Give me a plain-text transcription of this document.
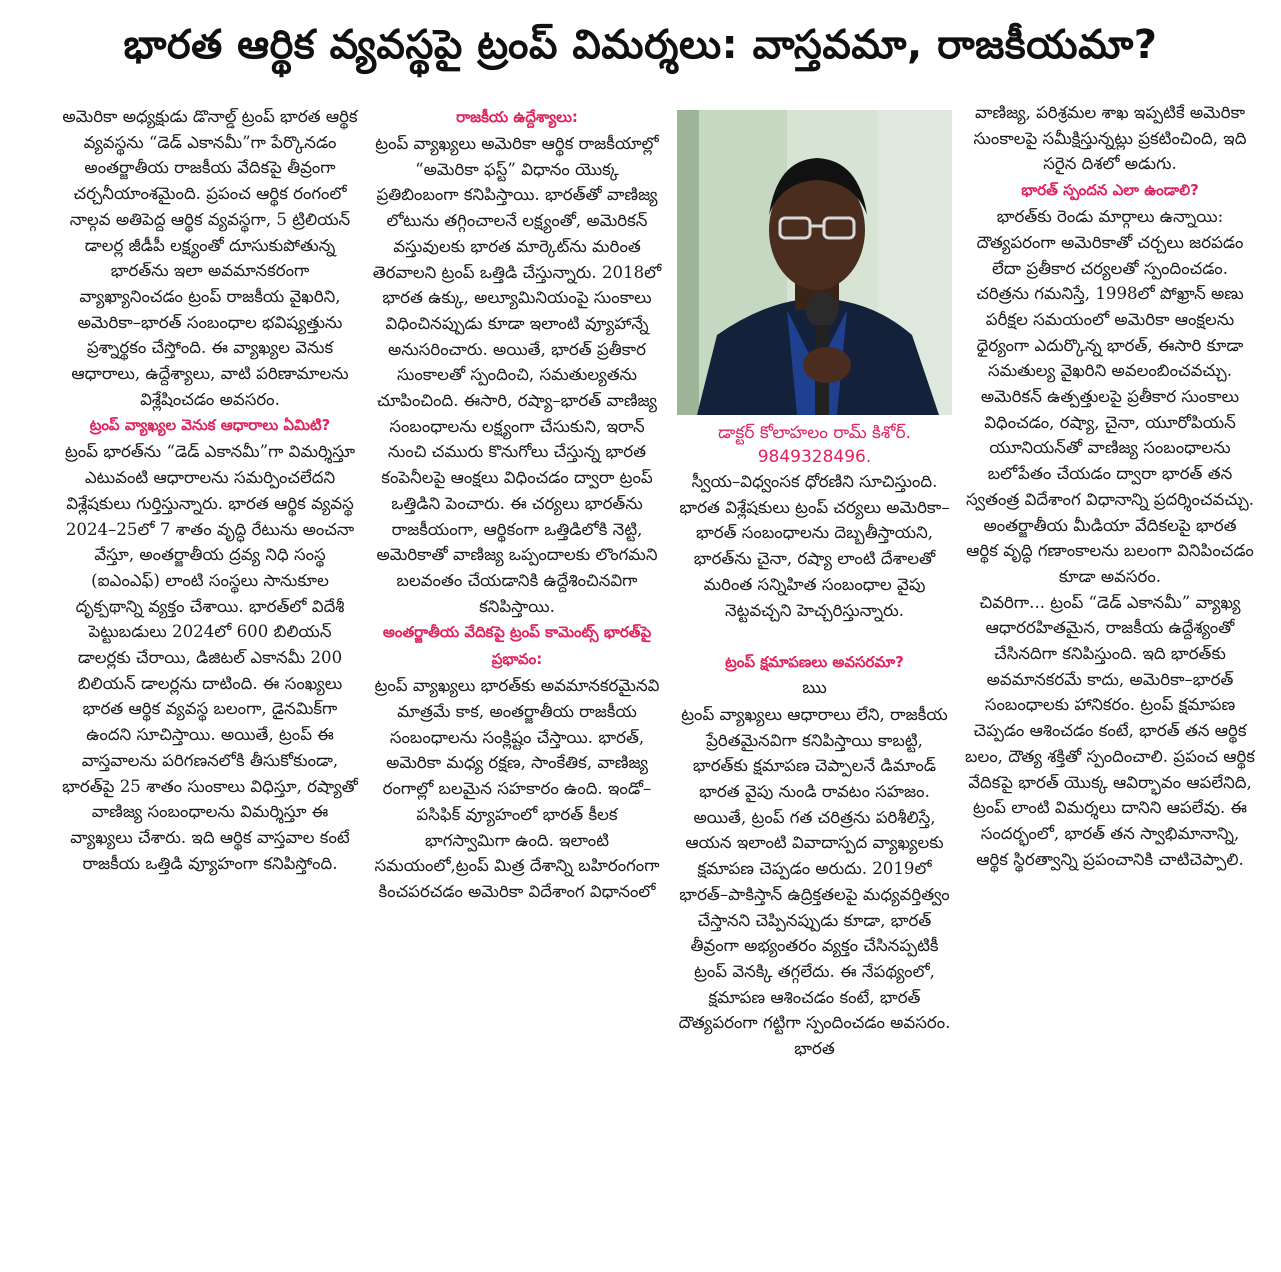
భారత ఆర్థిక వ్యవస్థపై ట్రంప్ విమర్శలు: వాస్తవమా, రాజకీయమా?

అమెరికా అధ్యక్షుడు డొనాల్డ్ ట్రంప్ భారత ఆర్థిక వ్యవస్థను “డెడ్ ఎకానమీ”గా పేర్కొనడం అంతర్జాతీయ రాజకీయ వేదికపై తీవ్రంగా చర్చనీయాంశమైంది. ప్రపంచ ఆర్థిక రంగంలో నాల్గవ అతిపెద్ద ఆర్థిక వ్యవస్థగా, 5 ట్రిలియన్ డాలర్ల జీడీపీ లక్ష్యంతో దూసుకుపోతున్న భారత్‌ను ఇలా అవమానకరంగా వ్యాఖ్యానించడం ట్రంప్ రాజకీయ వైఖరిని, అమెరికా–భారత్ సంబంధాల భవిష్యత్తును ప్రశ్నార్థకం చేస్తోంది. ఈ వ్యాఖ్యల వెనుక ఆధారాలు, ఉద్దేశ్యాలు, వాటి పరిణామాలను విశ్లేషించడం అవసరం.

ట్రంప్ వ్యాఖ్యల వెనుక ఆధారాలు ఏమిటి?

ట్రంప్ భారత్‌ను “డెడ్ ఎకానమీ”గా విమర్శిస్తూ ఎటువంటి ఆధారాలను సమర్పించలేదని విశ్లేషకులు గుర్తిస్తున్నారు. భారత ఆర్థిక వ్యవస్థ 2024–25లో 7 శాతం వృద్ధి రేటును అంచనా వేస్తూ, అంతర్జాతీయ ద్రవ్య నిధి సంస్థ (ఐఎంఎఫ్) లాంటి సంస్థలు సానుకూల దృక్పథాన్ని వ్యక్తం చేశాయి. భారత్‌లో విదేశీ పెట్టుబడులు 2024లో 600 బిలియన్ డాలర్లకు చేరాయి, డిజిటల్ ఎకానమీ 200 బిలియన్ డాలర్లను దాటింది. ఈ సంఖ్యలు భారత ఆర్థిక వ్యవస్థ బలంగా, డైనమిక్‌గా ఉందని సూచిస్తాయి. అయితే, ట్రంప్ ఈ వాస్తవాలను పరిగణనలోకి తీసుకోకుండా, భారత్‌పై 25 శాతం సుంకాలు విధిస్తూ, రష్యాతో వాణిజ్య సంబంధాలను విమర్శిస్తూ ఈ వ్యాఖ్యలు చేశారు. ఇది ఆర్థిక వాస్తవాల కంటే రాజకీయ ఒత్తిడి వ్యూహంగా కనిపిస్తోంది.

రాజకీయ ఉద్దేశ్యాలు:

ట్రంప్ వ్యాఖ్యలు అమెరికా ఆర్థిక రాజకీయాల్లో “అమెరికా ఫస్ట్” విధానం యొక్క ప్రతిబింబంగా కనిపిస్తాయి. భారత్‌తో వాణిజ్య లోటును తగ్గించాలనే లక్ష్యంతో, అమెరికన్ వస్తువులకు భారత మార్కెట్‌ను మరింత తెరవాలని ట్రంప్ ఒత్తిడి చేస్తున్నారు. 2018లో భారత ఉక్కు, అల్యూమినియంపై సుంకాలు విధించినప్పుడు కూడా ఇలాంటి వ్యూహాన్నే అనుసరించారు. అయితే, భారత్ ప్రతీకార సుంకాలతో స్పందించి, సమతుల్యతను చూపించింది. ఈసారి, రష్యా–భారత్ వాణిజ్య సంబంధాలను లక్ష్యంగా చేసుకుని, ఇరాన్ నుంచి చమురు కొనుగోలు చేస్తున్న భారత కంపెనీలపై ఆంక్షలు విధించడం ద్వారా ట్రంప్ ఒత్తిడిని పెంచారు. ఈ చర్యలు భారత్‌ను రాజకీయంగా, ఆర్థికంగా ఒత్తిడిలోకి నెట్టి, అమెరికాతో వాణిజ్య ఒప్పందాలకు లొంగమని బలవంతం చేయడానికి ఉద్దేశించినవిగా కనిపిస్తాయి.

అంతర్జాతీయ వేదికపై ట్రంప్ కామెంట్స్ భారత్‌పై ప్రభావం:

ట్రంప్ వ్యాఖ్యలు భారత్‌కు అవమానకరమైనవి మాత్రమే కాక, అంతర్జాతీయ రాజకీయ సంబంధాలను సంక్లిష్టం చేస్తాయి. భారత్, అమెరికా మధ్య రక్షణ, సాంకేతిక, వాణిజ్య రంగాల్లో బలమైన సహకారం ఉంది. ఇండో–పసిఫిక్ వ్యూహంలో భారత్ కీలక భాగస్వామిగా ఉంది. ఇలాంటి సమయంలో,ట్రంప్ మిత్ర దేశాన్ని బహిరంగంగా కించపరచడం అమెరికా విదేశాంగ విధానంలో

డాక్టర్ కోలాహలం రామ్ కిశోర్.

9849328496.

స్వీయ–విధ్వంసక ధోరణిని సూచిస్తుంది. భారత విశ్లేషకులు ట్రంప్ చర్యలు అమెరికా–భారత్ సంబంధాలను దెబ్బతీస్తాయని, భారత్‌ను చైనా, రష్యా లాంటి దేశాలతో మరింత సన్నిహిత సంబంధాల వైపు నెట్టవచ్చని హెచ్చరిస్తున్నారు.

ట్రంప్ క్షమాపణలు అవసరమా?

ఋ

ట్రంప్ వ్యాఖ్యలు ఆధారాలు లేని, రాజకీయ ప్రేరితమైనవిగా కనిపిస్తాయి కాబట్టి, భారత్‌కు క్షమాపణ చెప్పాలనే డిమాండ్ భారత వైపు నుండి రావటం సహజం. అయితే, ట్రంప్ గత చరిత్రను పరిశీలిస్తే, ఆయన ఇలాంటి వివాదాస్పద వ్యాఖ్యలకు క్షమాపణ చెప్పడం అరుదు. 2019లో భారత్–పాకిస్తాన్ ఉద్రిక్తతలపై మధ్యవర్తిత్వం చేస్తానని చెప్పినప్పుడు కూడా, భారత్ తీవ్రంగా అభ్యంతరం వ్యక్తం చేసినప్పటికీ ట్రంప్ వెనక్కి తగ్గలేదు. ఈ నేపథ్యంలో, క్షమాపణ ఆశించడం కంటే, భారత్ దౌత్యపరంగా గట్టిగా స్పందించడం అవసరం. భారత

వాణిజ్య, పరిశ్రమల శాఖ ఇప్పటికే అమెరికా సుంకాలపై సమీక్షిస్తున్నట్లు ప్రకటించింది, ఇది సరైన దిశలో అడుగు.

భారత్ స్పందన ఎలా ఉండాలి?

భారత్‌కు రెండు మార్గాలు ఉన్నాయి: దౌత్యపరంగా అమెరికాతో చర్చలు జరపడం లేదా ప్రతీకార చర్యలతో స్పందించడం. చరిత్రను గమనిస్తే, 1998లో పోఖ్రాన్ అణు పరీక్షల సమయంలో అమెరికా ఆంక్షలను ధైర్యంగా ఎదుర్కొన్న భారత్, ఈసారి కూడా సమతుల్య వైఖరిని అవలంబించవచ్చు. అమెరికన్ ఉత్పత్తులపై ప్రతీకార సుంకాలు విధించడం, రష్యా, చైనా, యూరోపియన్ యూనియన్‌తో వాణిజ్య సంబంధాలను బలోపేతం చేయడం ద్వారా భారత్ తన స్వతంత్ర విదేశాంగ విధానాన్ని ప్రదర్శించవచ్చు. అంతర్జాతీయ మీడియా వేదికలపై భారత ఆర్థిక వృద్ధి గణాంకాలను బలంగా వినిపించడం కూడా అవసరం.

చివరిగా... ట్రంప్ “డెడ్ ఎకానమీ” వ్యాఖ్య ఆధారరహితమైన, రాజకీయ ఉద్దేశ్యంతో చేసినదిగా కనిపిస్తుంది. ఇది భారత్‌కు అవమానకరమే కాదు, అమెరికా–భారత్ సంబంధాలకు హానికరం. ట్రంప్ క్షమాపణ చెప్పడం ఆశించడం కంటే, భారత్ తన ఆర్థిక బలం, దౌత్య శక్తితో స్పందించాలి. ప్రపంచ ఆర్థిక వేదికపై భారత్ యొక్క ఆవిర్భావం ఆపలేనిది, ట్రంప్ లాంటి విమర్శలు దానిని ఆపలేవు. ఈ సందర్భంలో, భారత్ తన స్వాభిమానాన్ని, ఆర్థిక స్థిరత్వాన్ని ప్రపంచానికి చాటిచెప్పాలి.
